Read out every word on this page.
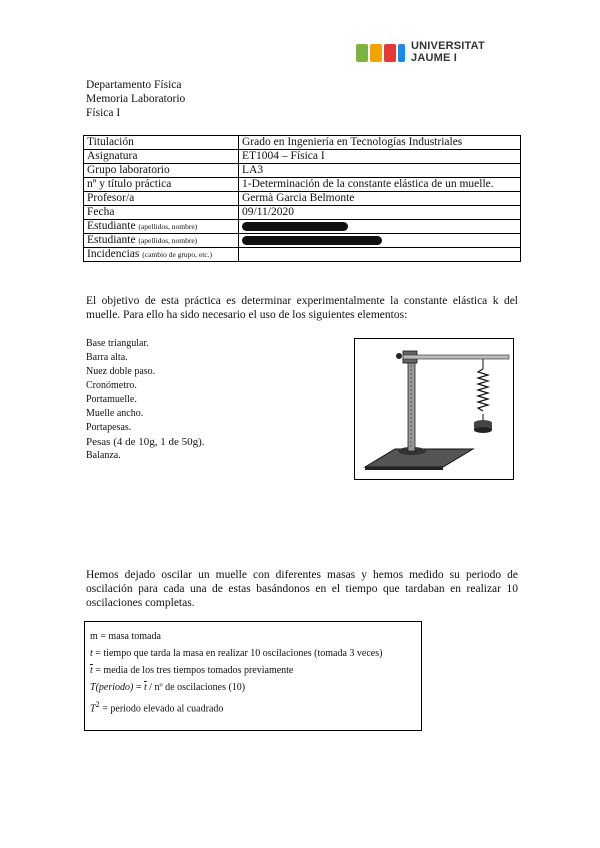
UNIVERSITAT
JAUME I
Departamento Física
Memoria Laboratorio
Física I
Titulación	Grado en Ingeniería en Tecnologías Industriales
Asignatura	ET1004 – Física I
Grupo laboratorio	LA3
nº y título práctica	1-Determinación de la constante elástica de un muelle.
Profesor/a	Germà Garcia Belmonte
Fecha	09/11/2020
Estudiante (apellidos, nombre)	
Estudiante (apellidos, nombre)	
Incidencias (cambio de grupo, etc.)	
El objetivo de esta práctica es determinar experimentalmente la constante elástica k del muelle. Para ello ha sido necesario el uso de los siguientes elementos:
Base triangular.
Barra alta.
Nuez doble paso.
Cronómetro.
Portamuelle.
Muelle ancho.
Portapesas.
Pesas (4 de 10g, 1 de 50g).
Balanza.
Hemos dejado oscilar un muelle con diferentes masas y hemos medido su periodo de oscilación para cada una de estas basándonos en el tiempo que tardaban en realizar 10 oscilaciones completas.
m = masa tomada
t = tiempo que tarda la masa en realizar 10 oscilaciones (tomada 3 veces)
$\overline{t}$ = media de los tres tiempos tomados previamente
T(periodo) = $\overline{t}$ / nº de oscilaciones (10)
$T^2$ = periodo elevado al cuadrado
